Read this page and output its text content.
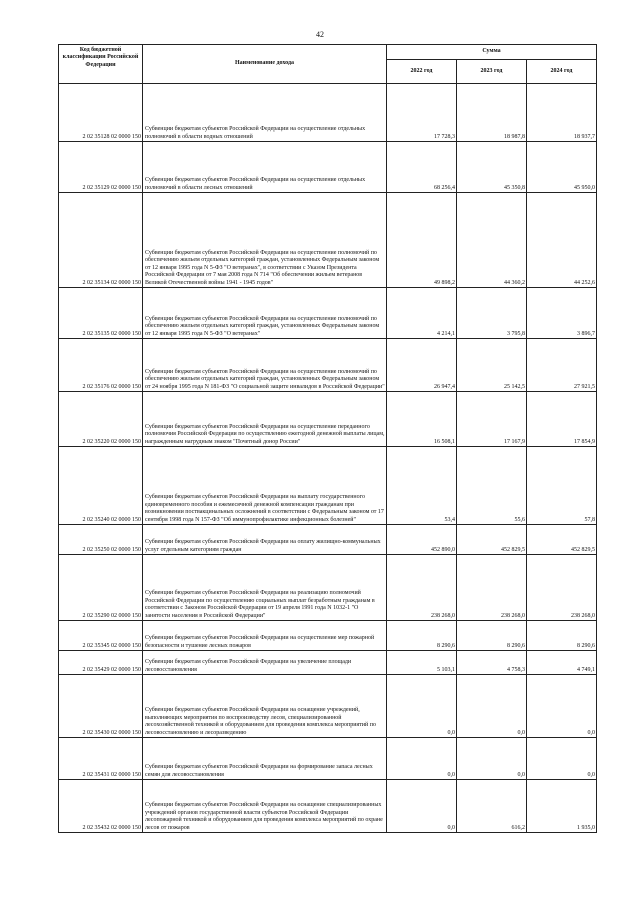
42
Код бюджетной классификации Российской Федерации	Наименование дохода	Сумма		
		2022 год	2023 год	2024 год
2 02 35128 02 0000 150	Субвенции бюджетам субъектов Российской Федерации на осуществление отдельных полномочий в области водных отношений	17 728,3	18 987,8	18 937,7
2 02 35129 02 0000 150	Субвенции бюджетам субъектов Российской Федерации на осуществление отдельных полномочий в области лесных отношений	68 256,4	45 350,8	45 950,0
2 02 35134 02 0000 150	Субвенции бюджетам субъектов Российской Федерации на осуществление полномочий по обеспечению жильем отдельных категорий граждан, установленных Федеральным законом от 12 января 1995 года N 5-ФЗ "О ветеранах", в соответствии с Указом Президента Российской Федерации от 7 мая 2008 года N 714 "Об обеспечении жильем ветеранов Великой Отечественной войны 1941 - 1945 годов"	49 898,2	44 360,2	44 252,6
2 02 35135 02 0000 150	Субвенции бюджетам субъектов Российской Федерации на осуществление полномочий по обеспечению жильем отдельных категорий граждан, установленных Федеральным законом от 12 января 1995 года N 5-ФЗ "О ветеранах"	4 214,1	3 795,8	3 896,7
2 02 35176 02 0000 150	Субвенции бюджетам субъектов Российской Федерации на осуществление полномочий по обеспечению жильем отдельных категорий граждан, установленных Федеральным законом от 24 ноября 1995 года N 181-ФЗ "О социальной защите инвалидов в Российской Федерации"	26 947,4	25 142,5	27 921,5
2 02 35220 02 0000 150	Субвенции бюджетам субъектов Российской Федерации на осуществление переданного полномочия Российской Федерации по осуществлению ежегодной денежной выплаты лицам, награжденным нагрудным знаком "Почетный донор России"	16 508,1	17 167,9	17 854,9
2 02 35240 02 0000 150	Субвенции бюджетам субъектов Российской Федерации на выплату государственного единовременного пособия и ежемесячной денежной компенсации гражданам при возникновении поствакцинальных осложнений в соответствии с Федеральным законом от 17 сентября 1998 года N 157-ФЗ "Об иммунопрофилактике инфекционных болезней"	53,4	55,6	57,8
2 02 35250 02 0000 150	Субвенции бюджетам субъектов Российской Федерации на оплату жилищно-коммунальных услуг отдельным категориям граждан	452 890,0	452 829,5	452 829,5
2 02 35290 02 0000 150	Субвенции бюджетам субъектов Российской Федерации на реализацию полномочий Российской Федерации по осуществлению социальных выплат безработным гражданам в соответствии с Законом Российской Федерации от 19 апреля 1991 года N 1032-1 "О занятости населения в Российской Федерации"	238 268,0	238 268,0	238 268,0
2 02 35345 02 0000 150	Субвенции бюджетам субъектов Российской Федерации на осуществление мер пожарной безопасности и тушение лесных пожаров	8 290,6	8 290,6	8 290,6
2 02 35429 02 0000 150	Субвенции бюджетам субъектов Российской Федерации на увеличение площади лесовосстановления	5 103,1	4 758,3	4 749,1
2 02 35430 02 0000 150	Субвенции бюджетам субъектов Российской Федерации на оснащение учреждений, выполняющих мероприятия по воспроизводству лесов, специализированной лесохозяйственной техникой и оборудованием для проведения комплекса мероприятий по лесовосстановлению и лесоразведению	0,0	0,0	0,0
2 02 35431 02 0000 150	Субвенции бюджетам субъектов Российской Федерации на формирование запаса лесных семян для лесовосстановления	0,0	0,0	0,0
2 02 35432 02 0000 150	Субвенции бюджетам субъектов Российской Федерации на оснащение специализированных учреждений органов государственной власти субъектов Российской Федерации лесопожарной техникой и оборудованием для проведения комплекса мероприятий по охране лесов от пожаров	0,0	616,2	1 935,0
